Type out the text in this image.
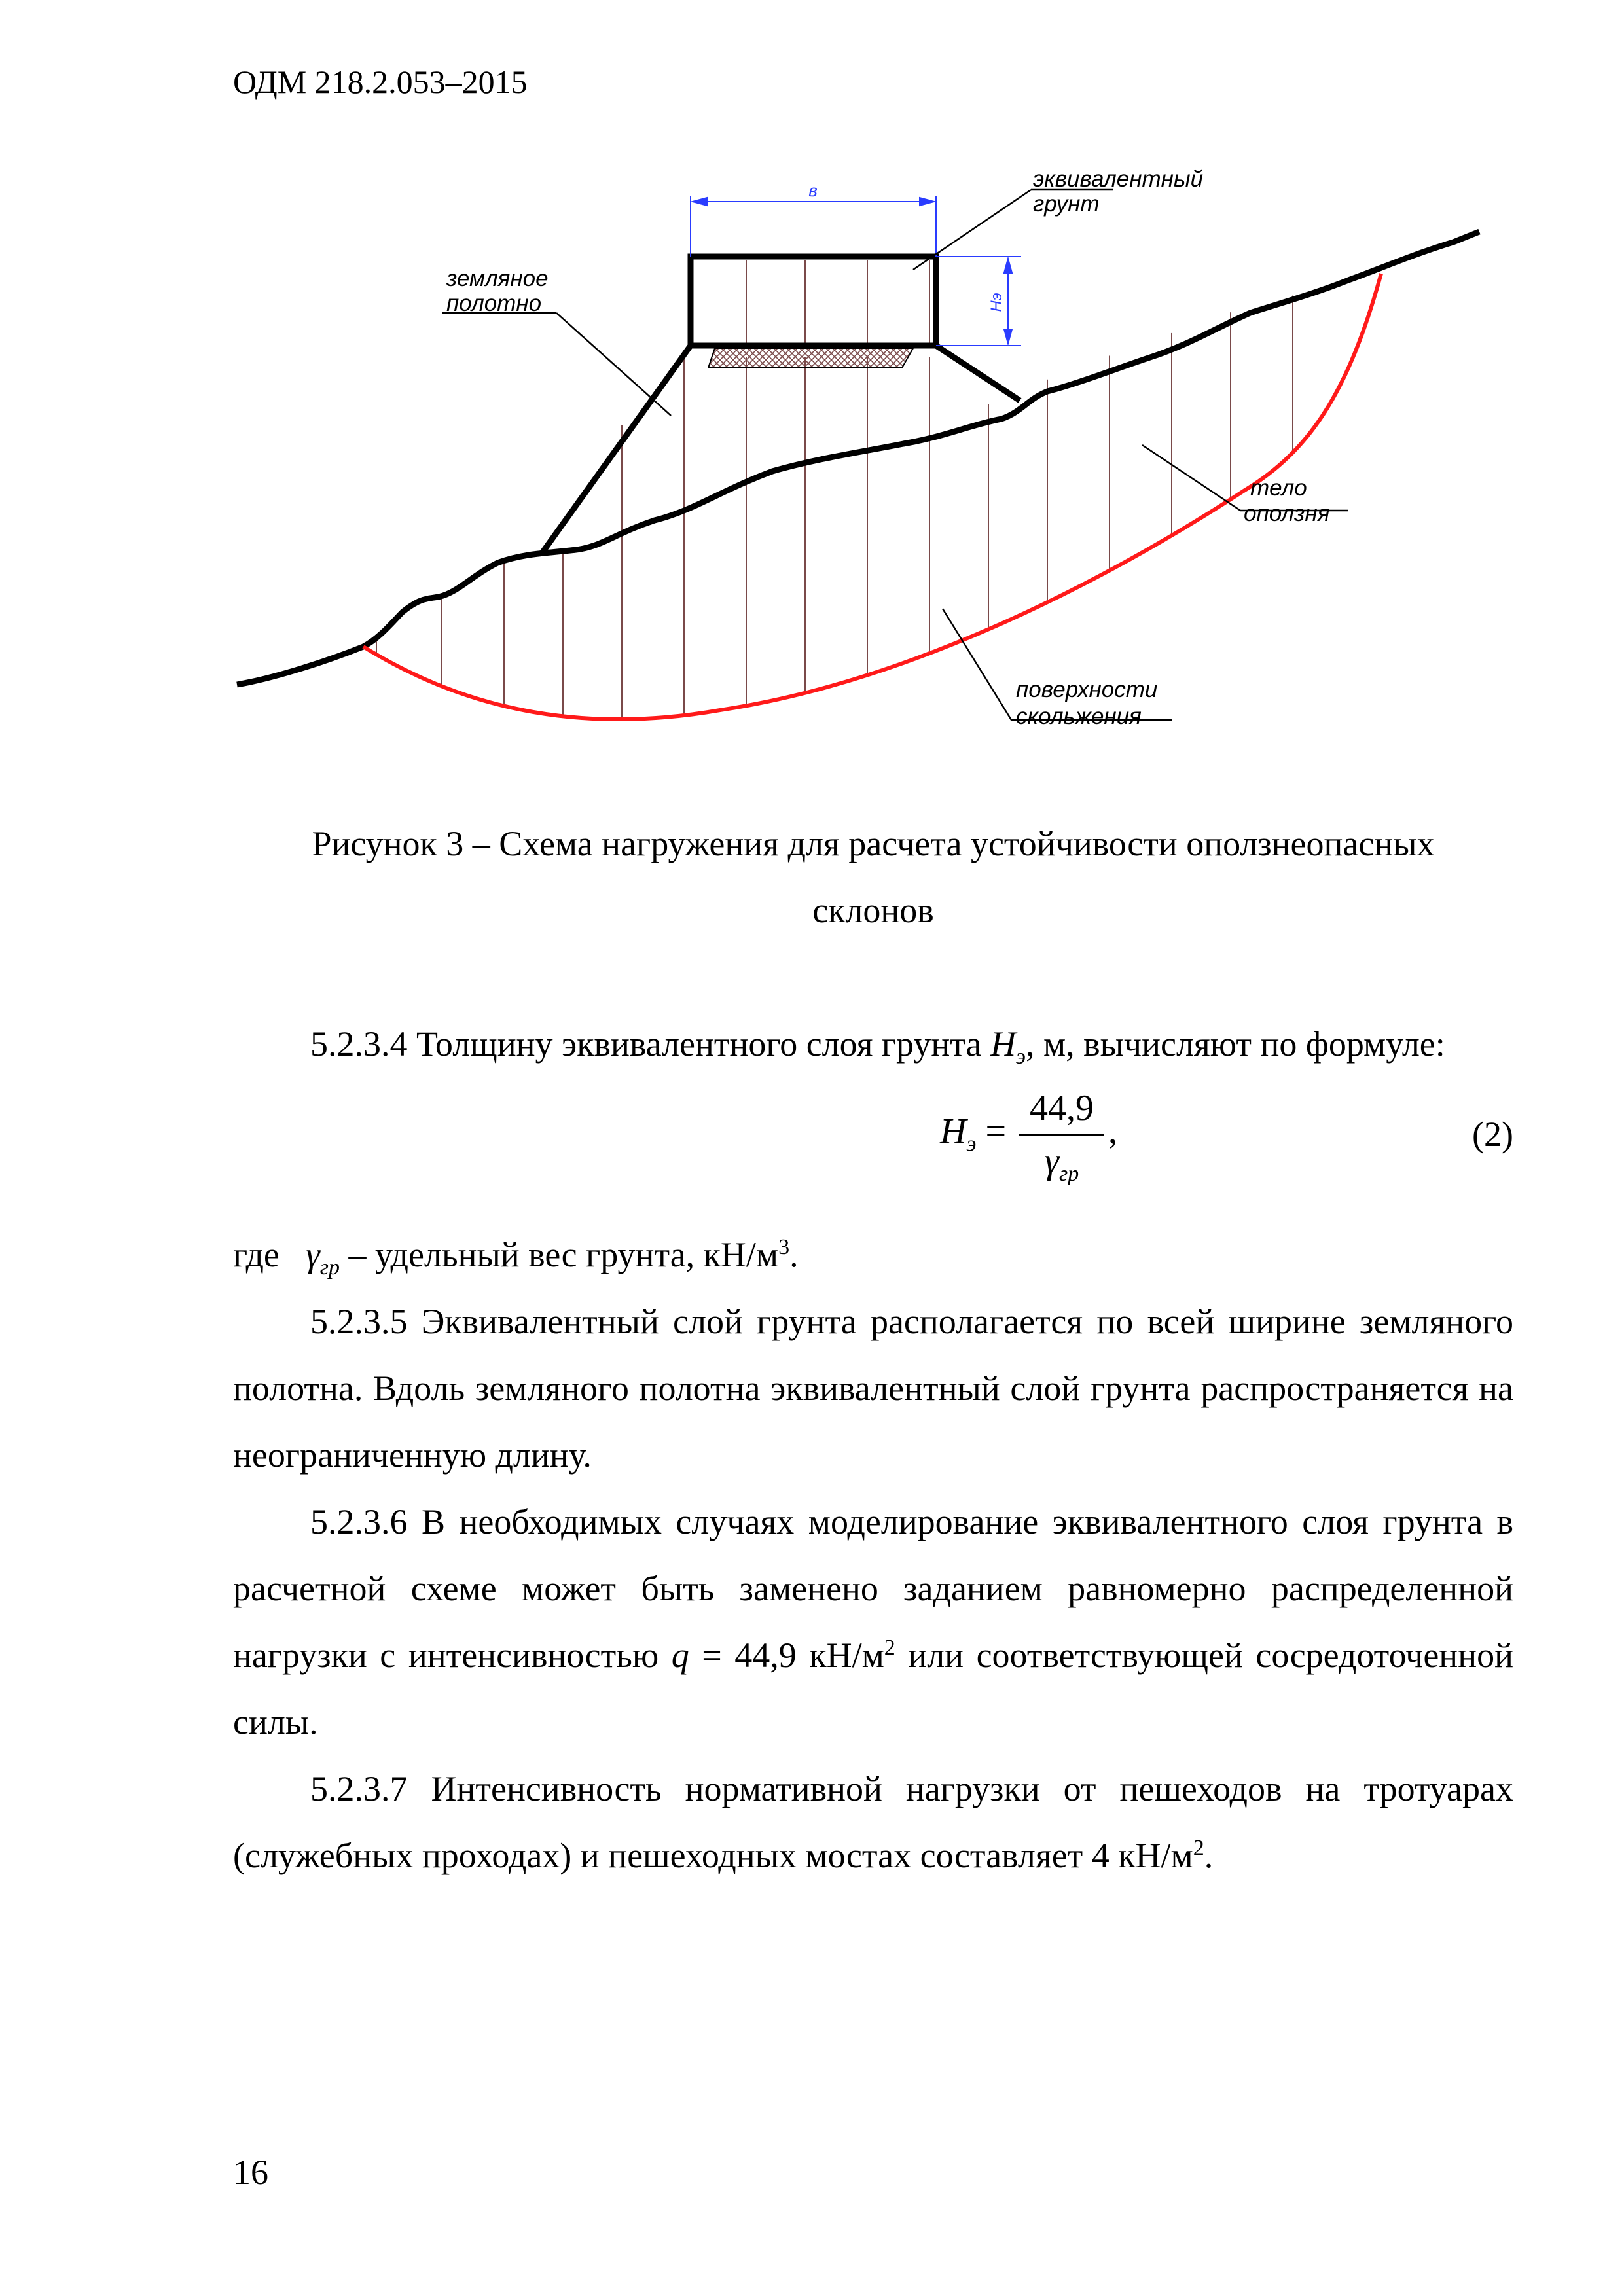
ОДМ 218.2.053–2015
в
Нэ
эквивалентный
грунт
земляное
полотно
тело
оползня
поверхности
скольжения
Рисунок 3 – Схема нагружения для расчета устойчивости оползнеопасных
склонов

5.2.3.4 Толщину эквивалентного слоя грунта $Н_э$, м, вычисляют по формуле:

$Н_э = \frac{44,9}{\gamma_{гр}}$ ,	(2)

где $\gamma_{гр}$ – удельный вес грунта, $кН/м^3$.

5.2.3.5 Эквивалентный слой грунта располагается по всей ширине земляного полотна. Вдоль земляного полотна эквивалентный слой грунта распространяется на неограниченную длину.

5.2.3.6 В необходимых случаях моделирование эквивалентного слоя грунта в расчетной схеме может быть заменено заданием равномерно распределенной нагрузки с интенсивностью q = 44,9 $кН/м^2$ или соответствующей сосредоточенной силы.

5.2.3.7 Интенсивность нормативной нагрузки от пешеходов на тротуарах (служебных проходах) и пешеходных мостах составляет 4 $кН/м^2$.

16
